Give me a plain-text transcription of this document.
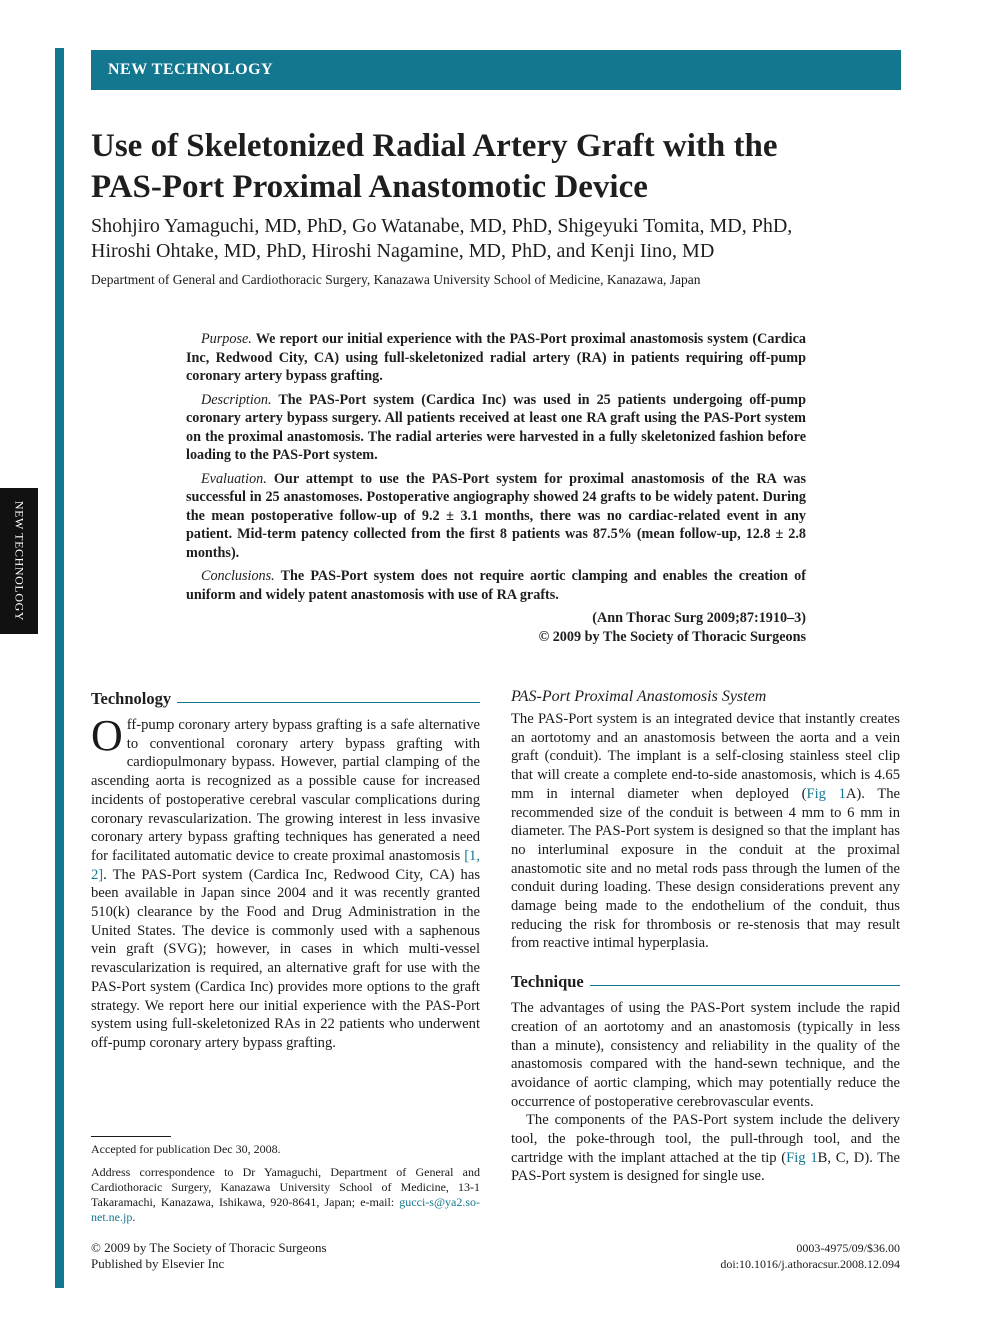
NEW TECHNOLOGY
NEW TECHNOLOGY
Use of Skeletonized Radial Artery Graft with the
PAS-Port Proximal Anastomotic Device
Shohjiro Yamaguchi, MD, PhD, Go Watanabe, MD, PhD, Shigeyuki Tomita, MD, PhD,
Hiroshi Ohtake, MD, PhD, Hiroshi Nagamine, MD, PhD, and Kenji Iino, MD
Department of General and Cardiothoracic Surgery, Kanazawa University School of Medicine, Kanazawa, Japan

Purpose. We report our initial experience with the PAS-Port proximal anastomosis system (Cardica Inc, Redwood City, CA) using full-skeletonized radial artery (RA) in patients requiring off-pump coronary artery bypass grafting.

Description. The PAS-Port system (Cardica Inc) was used in 25 patients undergoing off-pump coronary artery bypass surgery. All patients received at least one RA graft using the PAS-Port system on the proximal anastomosis. The radial arteries were harvested in a fully skeletonized fashion before loading to the PAS-Port system.

Evaluation. Our attempt to use the PAS-Port system for proximal anastomosis of the RA was successful in 25 anastomoses. Postoperative angiography showed 24 grafts to be widely patent. During the mean postoperative follow-up of 9.2 ± 3.1 months, there was no cardiac-related event in any patient. Mid-term patency collected from the first 8 patients was 87.5% (mean follow-up, 12.8 ± 2.8 months).

Conclusions. The PAS-Port system does not require aortic clamping and enables the creation of uniform and widely patent anastomosis with use of RA grafts.

(Ann Thorac Surg 2009;87:1910–3)

© 2009 by The Society of Thoracic Surgeons

Technology

Off-pump coronary artery bypass grafting is a safe alternative to conventional coronary artery bypass grafting with cardiopulmonary bypass. However, partial clamping of the ascending aorta is recognized as a possible cause for increased incidents of postoperative cerebral vascular complications during coronary revascularization. The growing interest in less invasive coronary artery bypass grafting techniques has generated a need for facilitated automatic device to create proximal anastomosis [1, 2]. The PAS-Port system (Cardica Inc, Redwood City, CA) has been available in Japan since 2004 and it was recently granted 510(k) clearance by the Food and Drug Administration in the United States. The device is commonly used with a saphenous vein graft (SVG); however, in cases in which multi-vessel revascularization is required, an alternative graft for use with the PAS-Port system (Cardica Inc) provides more options to the graft strategy. We report here our initial experience with the PAS-Port system using full-skeletonized RAs in 22 patients who underwent off-pump coronary artery bypass grafting.

PAS-Port Proximal Anastomosis System

The PAS-Port system is an integrated device that instantly creates an aortotomy and an anastomosis between the aorta and a vein graft (conduit). The implant is a self-closing stainless steel clip that will create a complete end-to-side anastomosis, which is 4.65 mm in internal diameter when deployed (Fig 1A). The recommended size of the conduit is between 4 mm to 6 mm in diameter. The PAS-Port system is designed so that the implant has no interluminal exposure in the conduit at the proximal anastomotic site and no metal rods pass through the lumen of the conduit during loading. These design considerations prevent any damage being made to the endothelium of the conduit, thus reducing the risk for thrombosis or re-stenosis that may result from reactive intimal hyperplasia.

Technique

The advantages of using the PAS-Port system include the rapid creation of an aortotomy and an anastomosis (typically in less than a minute), consistency and reliability in the quality of the anastomosis compared with the hand-sewn technique, and the avoidance of aortic clamping, which may potentially reduce the occurrence of postoperative cerebrovascular events.

The components of the PAS-Port system include the delivery tool, the poke-through tool, the pull-through tool, and the cartridge with the implant attached at the tip (Fig 1B, C, D). The PAS-Port system is designed for single use.

Accepted for publication Dec 30, 2008.
Address correspondence to Dr Yamaguchi, Department of General and Cardiothoracic Surgery, Kanazawa University School of Medicine, 13-1 Takaramachi, Kanazawa, Ishikawa, 920-8641, Japan; e-mail: gucci-s@ya2.so-net.ne.jp.
© 2009 by The Society of Thoracic Surgeons
Published by Elsevier Inc
0003-4975/09/$36.00
doi:10.1016/j.athoracsur.2008.12.094
